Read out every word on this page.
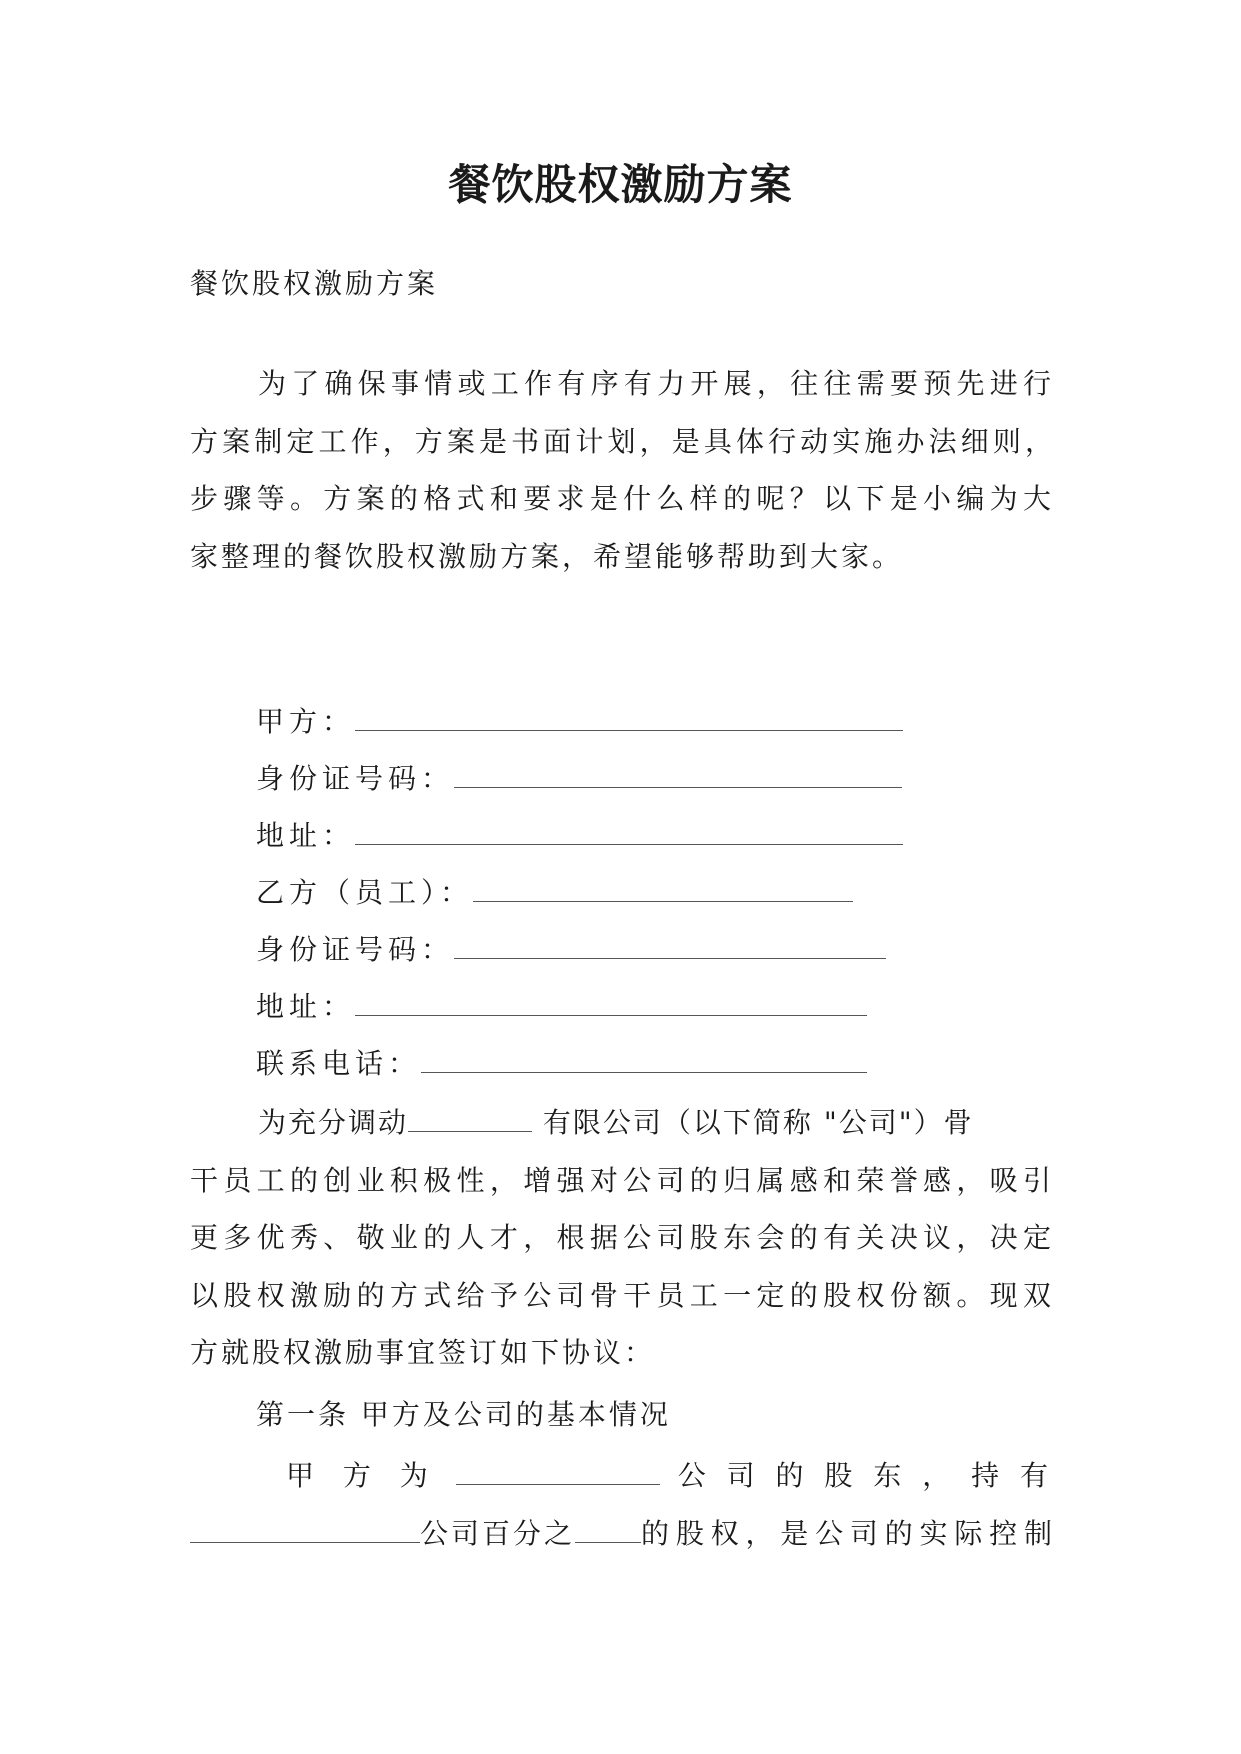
餐饮股权激励方案
餐饮股权激励方案
为了确保事情或工作有序有力开展，往往需要预先进行
方案制定工作，方案是书面计划，是具体行动实施办法细则，
步骤等。方案的格式和要求是什么样的呢？以下是小编为大
家整理的餐饮股权激励方案，希望能够帮助到大家。
甲方：
身份证号码：
地址：
乙方（员工）：
身份证号码：
地址：
联系电话：
为充分调动	有限公司（以下简称 "公司"）骨
干员工的创业积极性，增强对公司的归属感和荣誉感，吸引
更多优秀、敬业的人才，根据公司股东会的有关决议，决定
以股权激励的方式给予公司骨干员工一定的股权份额。现双
方就股权激励事宜签订如下协议：
第一条 甲方及公司的基本情况
甲 方 为	公 司 的 股 东 ， 持 有
公司百分之 的股权，是公司的实际控制
